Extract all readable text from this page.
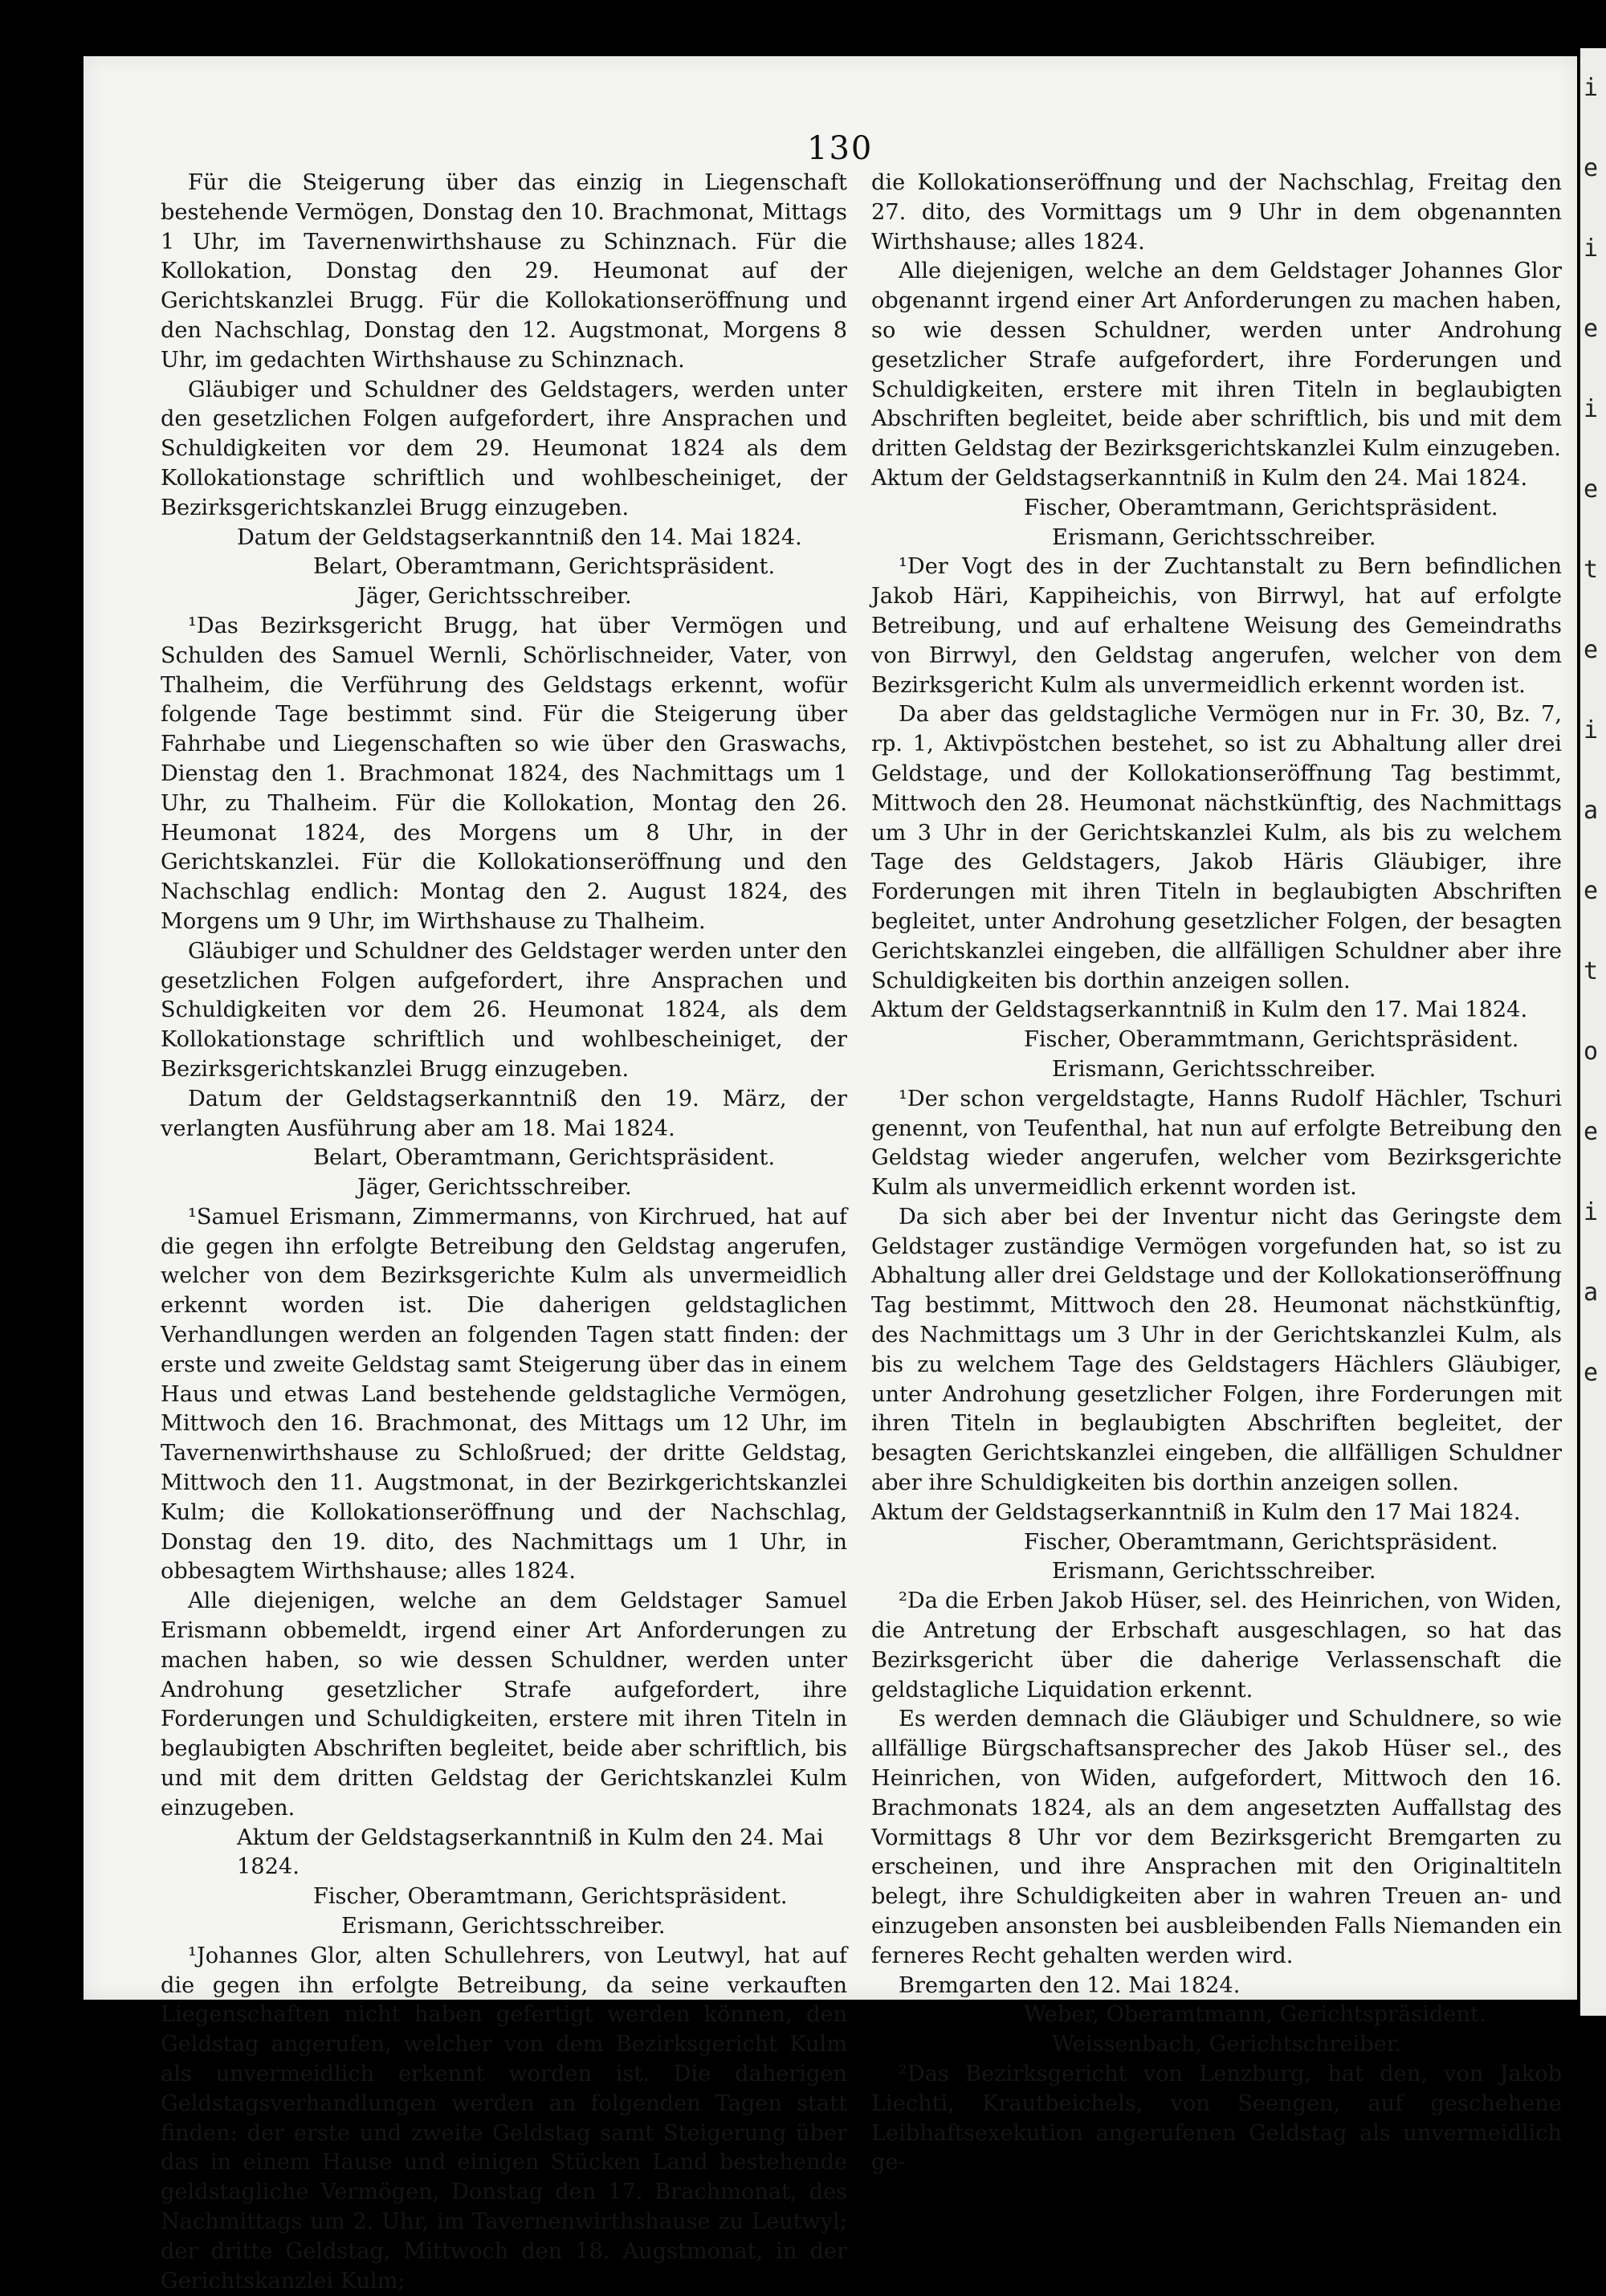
i
e
i
e
i
e
t
e
i
a
e
t
o
e
i
a
e
130

Für die Steigerung über das einzig in Liegenschaft bestehende Vermögen, Donstag den 10. Brachmonat, Mittags 1 Uhr, im Tavernenwirthshause zu Schinznach. Für die Kollokation, Donstag den 29. Heumonat auf der Gerichtskanzlei Brugg. Für die Kollokationseröffnung und den Nachschlag, Donstag den 12. Augstmonat, Morgens 8 Uhr, im gedachten Wirthshause zu Schinznach.

Gläubiger und Schuldner des Geldstagers, werden unter den gesetzlichen Folgen aufgefordert, ihre Ansprachen und Schuldigkeiten vor dem 29. Heumonat 1824 als dem Kollokationstage schriftlich und wohlbescheiniget, der Bezirksgerichtskanzlei Brugg einzugeben.

Datum der Geldstagserkanntniß den 14. Mai 1824.

Belart, Oberamtmann, Gerichtspräsident.

Jäger, Gerichtsschreiber.

¹Das Bezirksgericht Brugg, hat über Vermögen und Schulden des Samuel Wernli, Schörlischneider, Vater, von Thalheim, die Verführung des Geldstags erkennt, wofür folgende Tage bestimmt sind. Für die Steigerung über Fahrhabe und Liegenschaften so wie über den Graswachs, Dienstag den 1. Brachmonat 1824, des Nachmittags um 1 Uhr, zu Thalheim. Für die Kollokation, Montag den 26. Heumonat 1824, des Morgens um 8 Uhr, in der Gerichtskanzlei. Für die Kollokationseröffnung und den Nachschlag endlich: Montag den 2. August 1824, des Morgens um 9 Uhr, im Wirthshause zu Thalheim.

Gläubiger und Schuldner des Geldstager werden unter den gesetzlichen Folgen aufgefordert, ihre Ansprachen und Schuldigkeiten vor dem 26. Heumonat 1824, als dem Kollokationstage schriftlich und wohlbescheiniget, der Bezirksgerichtskanzlei Brugg einzugeben.

Datum der Geldstagserkanntniß den 19. März, der verlangten Ausführung aber am 18. Mai 1824.

Belart, Oberamtmann, Gerichtspräsident.

Jäger, Gerichtsschreiber.

¹Samuel Erismann, Zimmermanns, von Kirchrued, hat auf die gegen ihn erfolgte Betreibung den Geldstag angerufen, welcher von dem Bezirksgerichte Kulm als unvermeidlich erkennt worden ist. Die daherigen geldstaglichen Verhandlungen werden an folgenden Tagen statt finden: der erste und zweite Geldstag samt Steigerung über das in einem Haus und etwas Land bestehende geldstagliche Vermögen, Mittwoch den 16. Brachmonat, des Mittags um 12 Uhr, im Tavernenwirthshause zu Schloßrued; der dritte Geldstag, Mittwoch den 11. Augstmonat, in der Bezirkgerichtskanzlei Kulm; die Kollokationseröffnung und der Nachschlag, Donstag den 19. dito, des Nachmittags um 1 Uhr, in obbesagtem Wirthshause; alles 1824.

Alle diejenigen, welche an dem Geldstager Samuel Erismann obbemeldt, irgend einer Art Anforderungen zu machen haben, so wie dessen Schuldner, werden unter Androhung gesetzlicher Strafe aufgefordert, ihre Forderungen und Schuldigkeiten, erstere mit ihren Titeln in beglaubigten Abschriften begleitet, beide aber schriftlich, bis und mit dem dritten Geldstag der Gerichtskanzlei Kulm einzugeben.

Aktum der Geldstagserkanntniß in Kulm den 24. Mai 1824.

Fischer, Oberamtmann, Gerichtspräsident.

Erismann, Gerichtsschreiber.

¹Johannes Glor, alten Schullehrers, von Leutwyl, hat auf die gegen ihn erfolgte Betreibung, da seine verkauften Liegenschaften nicht haben gefertigt werden können, den Geldstag angerufen, welcher von dem Bezirksgericht Kulm als unvermeidlich erkennt worden ist. Die daherigen Geldstagsverhandlungen werden an folgenden Tagen statt finden: der erste und zweite Geldstag samt Steigerung über das in einem Hause und einigen Stücken Land bestehende geldstagliche Vermögen, Donstag den 17. Brachmonat, des Nachmittags um 2. Uhr, im Tavernenwirthshause zu Leutwyl; der dritte Geldstag, Mittwoch den 18. Augstmonat, in der Gerichtskanzlei Kulm;

die Kollokationseröffnung und der Nachschlag, Freitag den 27. dito, des Vormittags um 9 Uhr in dem obgenannten Wirthshause; alles 1824.

Alle diejenigen, welche an dem Geldstager Johannes Glor obgenannt irgend einer Art Anforderungen zu machen haben, so wie dessen Schuldner, werden unter Androhung gesetzlicher Strafe aufgefordert, ihre Forderungen und Schuldigkeiten, erstere mit ihren Titeln in beglaubigten Abschriften begleitet, beide aber schriftlich, bis und mit dem dritten Geldstag der Bezirksgerichtskanzlei Kulm einzugeben.

Aktum der Geldstagserkanntniß in Kulm den 24. Mai 1824.

Fischer, Oberamtmann, Gerichtspräsident.

Erismann, Gerichtsschreiber.

¹Der Vogt des in der Zuchtanstalt zu Bern befindlichen Jakob Häri, Kappiheichis, von Birrwyl, hat auf erfolgte Betreibung, und auf erhaltene Weisung des Gemeindraths von Birrwyl, den Geldstag angerufen, welcher von dem Bezirksgericht Kulm als unvermeidlich erkennt worden ist.

Da aber das geldstagliche Vermögen nur in Fr. 30, Bz. 7, rp. 1, Aktivpöstchen bestehet, so ist zu Abhaltung aller drei Geldstage, und der Kollokationseröffnung Tag bestimmt, Mittwoch den 28. Heumonat nächstkünftig, des Nachmittags um 3 Uhr in der Gerichtskanzlei Kulm, als bis zu welchem Tage des Geldstagers, Jakob Häris Gläubiger, ihre Forderungen mit ihren Titeln in beglaubigten Abschriften begleitet, unter Androhung gesetzlicher Folgen, der besagten Gerichtskanzlei eingeben, die allfälligen Schuldner aber ihre Schuldigkeiten bis dorthin anzeigen sollen.

Aktum der Geldstagserkanntniß in Kulm den 17. Mai 1824.

Fischer, Oberammtmann, Gerichtspräsident.

Erismann, Gerichtsschreiber.

¹Der schon vergeldstagte, Hanns Rudolf Hächler, Tschuri genennt, von Teufenthal, hat nun auf erfolgte Betreibung den Geldstag wieder angerufen, welcher vom Bezirksgerichte Kulm als unvermeidlich erkennt worden ist.

Da sich aber bei der Inventur nicht das Geringste dem Geldstager zuständige Vermögen vorgefunden hat, so ist zu Abhaltung aller drei Geldstage und der Kollokationseröffnung Tag bestimmt, Mittwoch den 28. Heumonat nächstkünftig, des Nachmittags um 3 Uhr in der Gerichtskanzlei Kulm, als bis zu welchem Tage des Geldstagers Hächlers Gläubiger, unter Androhung gesetzlicher Folgen, ihre Forderungen mit ihren Titeln in beglaubigten Abschriften begleitet, der besagten Gerichtskanzlei eingeben, die allfälligen Schuldner aber ihre Schuldigkeiten bis dorthin anzeigen sollen.

Aktum der Geldstagserkanntniß in Kulm den 17 Mai 1824.

Fischer, Oberamtmann, Gerichtspräsident.

Erismann, Gerichtsschreiber.

²Da die Erben Jakob Hüser, sel. des Heinrichen, von Widen, die Antretung der Erbschaft ausgeschlagen, so hat das Bezirksgericht über die daherige Verlassenschaft die geldstagliche Liquidation erkennt.

Es werden demnach die Gläubiger und Schuldnere, so wie allfällige Bürgschaftsansprecher des Jakob Hüser sel., des Heinrichen, von Widen, aufgefordert, Mittwoch den 16. Brachmonats 1824, als an dem angesetzten Auffallstag des Vormittags 8 Uhr vor dem Bezirksgericht Bremgarten zu erscheinen, und ihre Ansprachen mit den Originaltiteln belegt, ihre Schuldigkeiten aber in wahren Treuen an- und einzugeben ansonsten bei ausbleibenden Falls Niemanden ein ferneres Recht gehalten werden wird.

Bremgarten den 12. Mai 1824.

Weber, Oberamtmann, Gerichtspräsident.

Weissenbach, Gerichtschreiber.

²Das Bezirksgericht von Lenzburg, hat den, von Jakob Liechti, Krautbeichels, von Seengen, auf geschehene Leibhaftsexekution angerufenen Geldstag als unvermeidlich ge-
